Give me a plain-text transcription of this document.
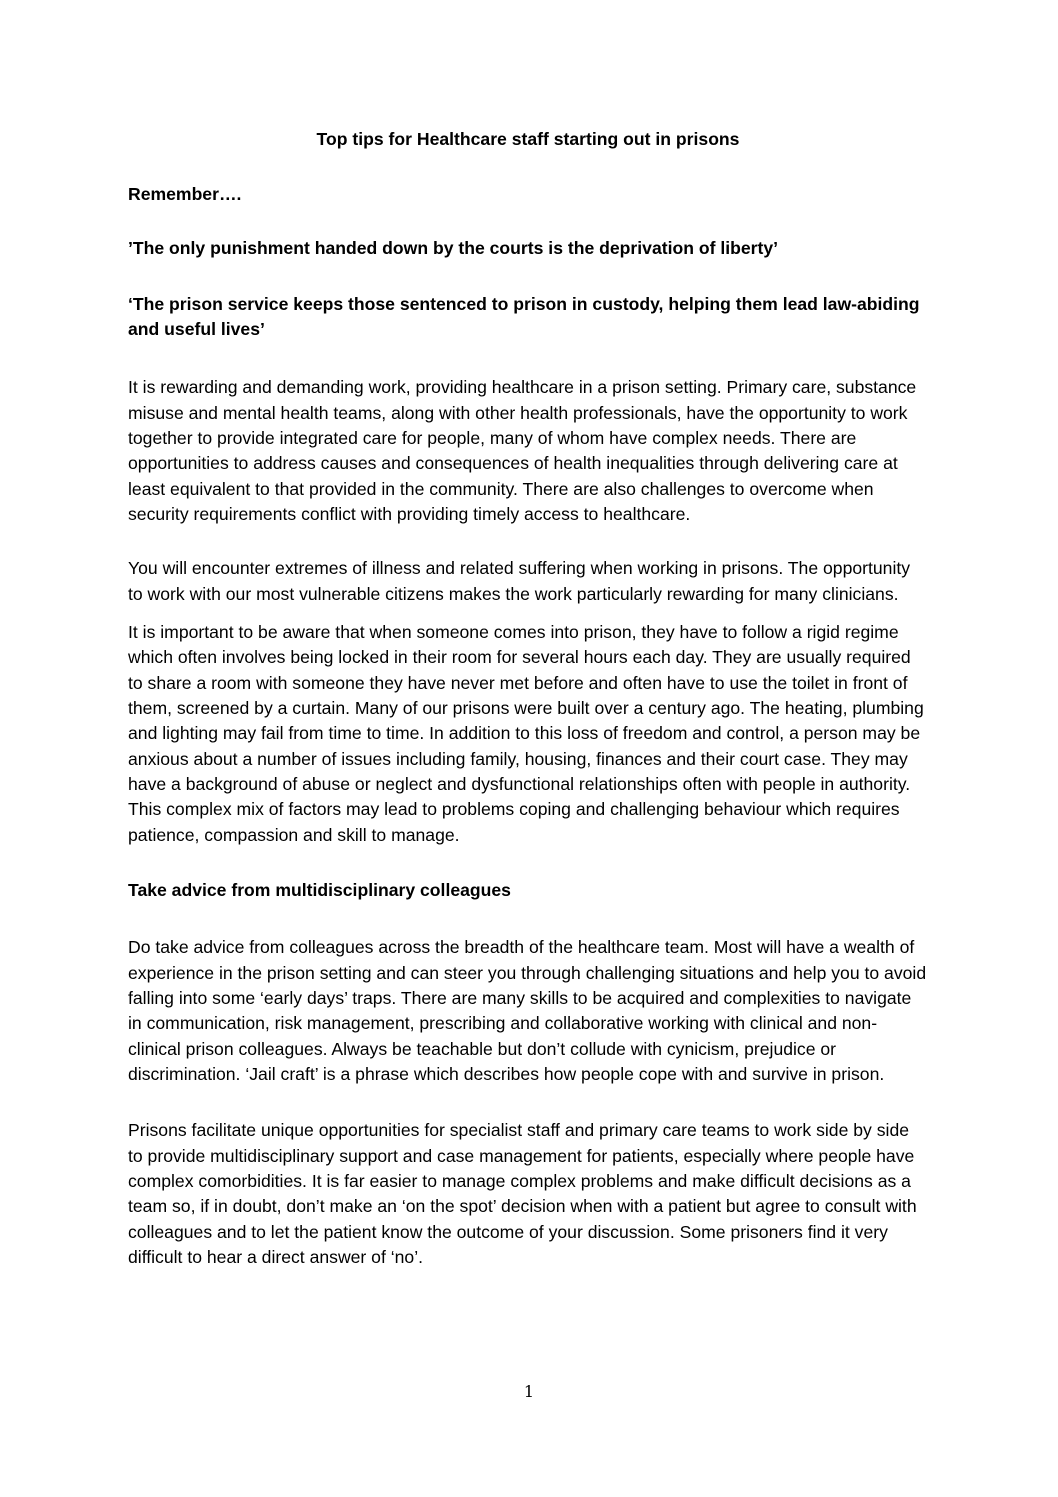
Top tips for Healthcare staff starting out in prisons

Remember….

’The only punishment handed down by the courts is the deprivation of liberty’

‘The prison service keeps those sentenced to prison in custody, helping them lead law-abiding and useful lives’

It is rewarding and demanding work, providing healthcare in a prison setting. Primary care, substance misuse and mental health teams, along with other health professionals, have the opportunity to work together to provide integrated care for people, many of whom have complex needs. There are opportunities to address causes and consequences of health inequalities through delivering care at least equivalent to that provided in the community. There are also challenges to overcome when security requirements conflict with providing timely access to healthcare.

You will encounter extremes of illness and related suffering when working in prisons. The opportunity to work with our most vulnerable citizens makes the work particularly rewarding for many clinicians.

It is important to be aware that when someone comes into prison, they have to follow a rigid regime which often involves being locked in their room for several hours each day. They are usually required to share a room with someone they have never met before and often have to use the toilet in front of them, screened by a curtain. Many of our prisons were built over a century ago. The heating, plumbing and lighting may fail from time to time. In addition to this loss of freedom and control, a person may be anxious about a number of issues including family, housing, finances and their court case. They may have a background of abuse or neglect and dysfunctional relationships often with people in authority. This complex mix of factors may lead to problems coping and challenging behaviour which requires patience, compassion and skill to manage.

Take advice from multidisciplinary colleagues

Do take advice from colleagues across the breadth of the healthcare team. Most will have a wealth of experience in the prison setting and can steer you through challenging situations and help you to avoid falling into some ‘early days’ traps. There are many skills to be acquired and complexities to navigate in communication, risk management, prescribing and collaborative working with clinical and non-clinical prison colleagues. Always be teachable but don’t collude with cynicism, prejudice or discrimination. ‘Jail craft’ is a phrase which describes how people cope with and survive in prison.

Prisons facilitate unique opportunities for specialist staff and primary care teams to work side by side to provide multidisciplinary support and case management for patients, especially where people have complex comorbidities. It is far easier to manage complex problems and make difficult decisions as a team so, if in doubt, don’t make an ‘on the spot’ decision when with a patient but agree to consult with colleagues and to let the patient know the outcome of your discussion. Some prisoners find it very difficult to hear a direct answer of ‘no’.

1
